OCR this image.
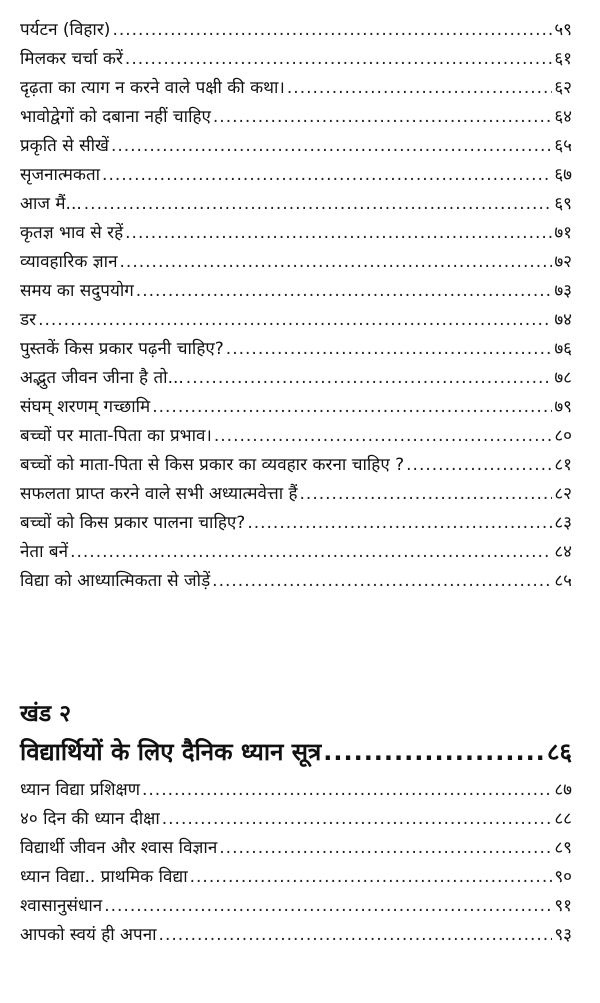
पर्यटन (विहार) .....	५९
मिलकर चर्चा करें .....	६१
दृढ़ता का त्याग न करने वाले पक्षी की कथा। .....	६२
भावोद्वेगों को दबाना नहीं चाहिए .....	६४
प्रकृति से सीखें .....	६५
सृजनात्मकता .....	६७
आज मैं... .....	६९
कृतज्ञ भाव से रहें .....	७१
व्यावहारिक ज्ञान .....	७२
समय का सदुपयोग .....	७३
डर .....	७४
पुस्तकें किस प्रकार पढ़नी चाहिए? .....	७६
अद्भुत जीवन जीना है तो... .....	७८
संघम् शरणम् गच्छामि .....	७९
बच्चों पर माता-पिता का प्रभाव। .....	८०
बच्चों को माता-पिता से किस प्रकार का व्यवहार करना चाहिए ? .....	८१
सफलता प्राप्त करने वाले सभी अध्यात्मवेत्ता हैं .....	८२
बच्चों को किस प्रकार पालना चाहिए? .....	८३
नेता बनें .....	८४
विद्या को आध्यात्मिकता से जोड़ें .....	८५
खंड २
विद्यार्थियों के लिए दैनिक ध्यान सूत्र .....	८६
ध्यान विद्या प्रशिक्षण .....	८७
४० दिन की ध्यान दीक्षा .....	८८
विद्यार्थी जीवन और श्वास विज्ञान .....	८९
ध्यान विद्या.. प्राथमिक विद्या .....	९०
श्वासानुसंधान .....	९१
आपको स्वयं ही अपना .....	९३
